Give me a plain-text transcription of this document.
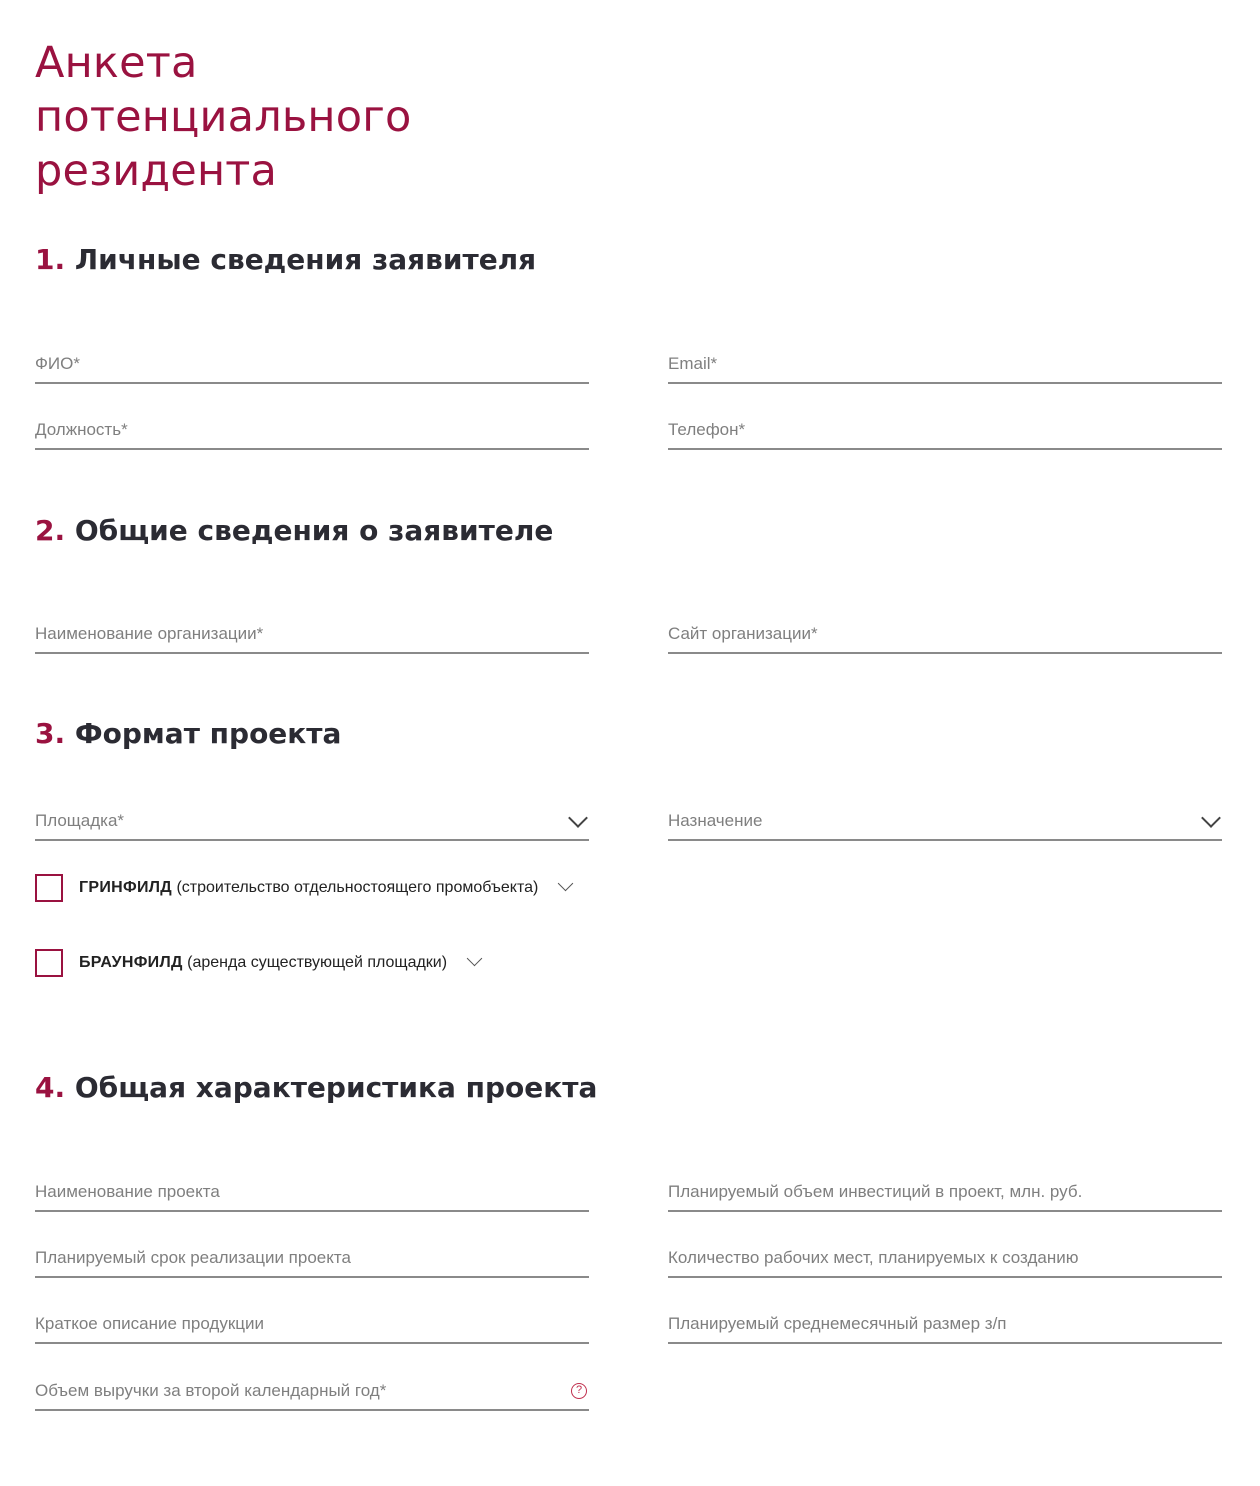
Анкета
потенциального
резидента
1. Личные сведения заявителя
ФИО*
Email*
Должность*
Телефон*
2. Общие сведения о заявителе
Наименование организации*
Сайт организации*
3. Формат проекта
Площадка*
Назначение
ГРИНФИЛД (строительство отдельностоящего промобъекта)
БРАУНФИЛД (аренда существующей площадки)
4. Общая характеристика проекта
Наименование проекта
Планируемый объем инвестиций в проект, млн. руб.
Планируемый срок реализации проекта
Количество рабочих мест, планируемых к созданию
Краткое описание продукции
Планируемый среднемесячный размер з/п
Объем выручки за второй календарный год*
?
